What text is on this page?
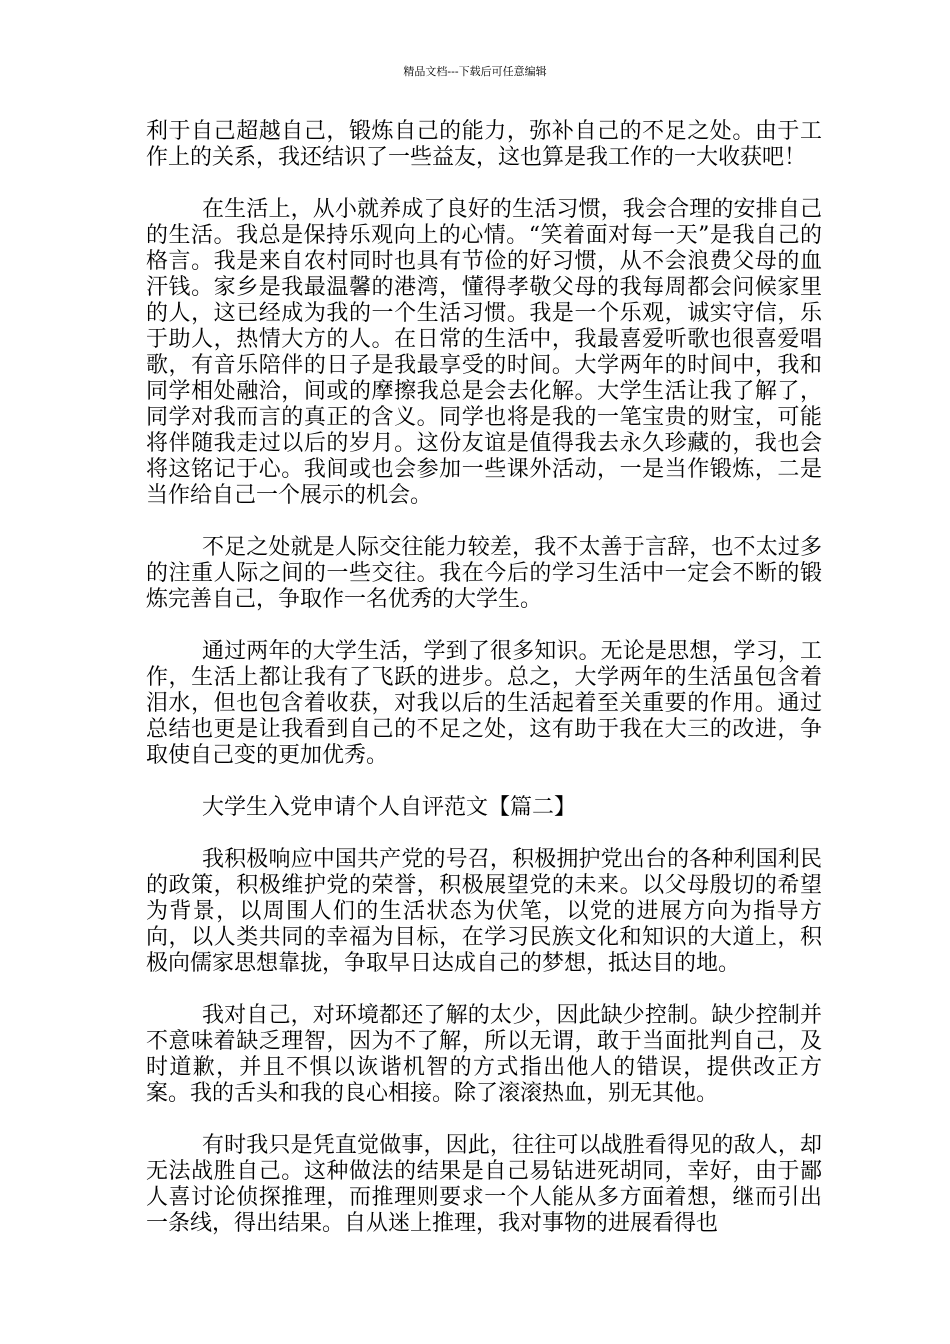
精品文档---下载后可任意编辑

利于自己超越自己，锻炼自己的能力，弥补自己的不足之处。由于工作上的关系，我还结识了一些益友，这也算是我工作的一大收获吧！

在生活上，从小就养成了良好的生活习惯，我会合理的安排自己的生活。我总是保持乐观向上的心情。“笑着面对每一天”是我自己的格言。我是来自农村同时也具有节俭的好习惯，从不会浪费父母的血汗钱。家乡是我最温馨的港湾，懂得孝敬父母的我每周都会问候家里的人，这已经成为我的一个生活习惯。我是一个乐观，诚实守信，乐于助人，热情大方的人。在日常的生活中，我最喜爱听歌也很喜爱唱歌，有音乐陪伴的日子是我最享受的时间。大学两年的时间中，我和同学相处融洽，间或的摩擦我总是会去化解。大学生活让我了解了，同学对我而言的真正的含义。同学也将是我的一笔宝贵的财宝，可能将伴随我走过以后的岁月。这份友谊是值得我去永久珍藏的，我也会将这铭记于心。我间或也会参加一些课外活动，一是当作锻炼，二是当作给自己一个展示的机会。

不足之处就是人际交往能力较差，我不太善于言辞，也不太过多的注重人际之间的一些交往。我在今后的学习生活中一定会不断的锻炼完善自己，争取作一名优秀的大学生。

通过两年的大学生活，学到了很多知识。无论是思想，学习，工作，生活上都让我有了飞跃的进步。总之，大学两年的生活虽包含着泪水，但也包含着收获，对我以后的生活起着至关重要的作用。通过总结也更是让我看到自己的不足之处，这有助于我在大三的改进，争取使自己变的更加优秀。

大学生入党申请个人自评范文【篇二】

我积极响应中国共产党的号召，积极拥护党出台的各种利国利民的政策，积极维护党的荣誉，积极展望党的未来。以父母殷切的希望为背景，以周围人们的生活状态为伏笔，以党的进展方向为指导方向，以人类共同的幸福为目标，在学习民族文化和知识的大道上，积极向儒家思想靠拢，争取早日达成自己的梦想，抵达目的地。

我对自己，对环境都还了解的太少，因此缺少控制。缺少控制并不意味着缺乏理智，因为不了解，所以无谓，敢于当面批判自己，及时道歉，并且不惧以诙谐机智的方式指出他人的错误，提供改正方案。我的舌头和我的良心相接。除了滚滚热血，别无其他。

有时我只是凭直觉做事，因此，往往可以战胜看得见的敌人，却无法战胜自己。这种做法的结果是自己易钻进死胡同，幸好，由于鄙人喜讨论侦探推理，而推理则要求一个人能从多方面着想，继而引出一条线，得出结果。自从迷上推理，我对事物的进展看得也
